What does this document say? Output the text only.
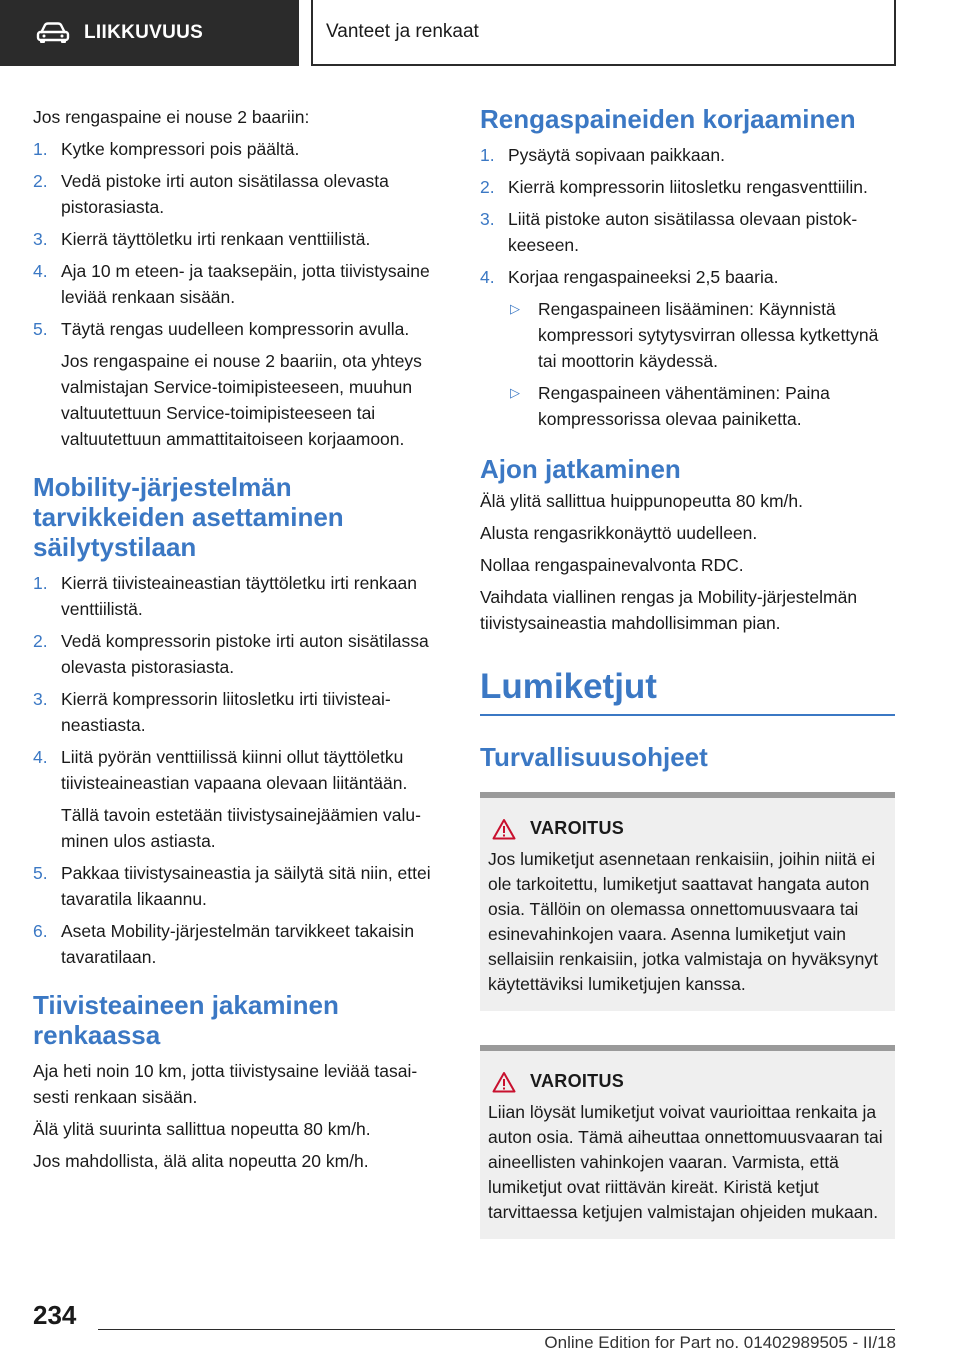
LIIKKUVUUS	Vanteet ja renkaat

Jos rengaspaine ei nouse 2 baariin:

1. Kytke kompressori pois päältä.
2. Vedä pistoke irti auton sisätilassa olevasta pistorasiasta.
3. Kierrä täyttöletku irti renkaan venttiilistä.
4. Aja 10 m eteen- ja taaksepäin, jotta tiivistysaine leviää renkaan sisään.
5. Täytä rengas uudelleen kompressorin avulla.
Jos rengaspaine ei nouse 2 baariin, ota yhteys valmistajan Service-toimipisteeseen, muuhun valtuutettuun Service-toimipisteeseen tai valtuutettuun ammattitaitoiseen korjaamoon.
Mobility-järjestelmän tarvikkeiden asettaminen säilytystilaan
1. Kierrä tiivisteaineastian täyttöletku irti renkaan venttiilistä.
2. Vedä kompressorin pistoke irti auton sisätilassa olevasta pistorasiasta.
3. Kierrä kompressorin liitosletku irti tiivisteaineastiasta.
4. Liitä pyörän venttiilissä kiinni ollut täyttöletku tiivisteaineastian vapaana olevaan liitäntään.
Tällä tavoin estetään tiivistysainejäämien valuminen ulos astiasta.
5. Pakkaa tiivistysaineastia ja säilytä sitä niin, ettei tavaratila likaannu.
6. Aseta Mobility-järjestelmän tarvikkeet takaisin tavaratilaan.
Tiivisteaineen jakaminen renkaassa

Aja heti noin 10 km, jotta tiivistysaine leviää tasaisesti renkaan sisään.

Älä ylitä suurinta sallittua nopeutta 80 km/h.

Jos mahdollista, älä alita nopeutta 20 km/h.

Rengaspaineiden korjaaminen
1. Pysäytä sopivaan paikkaan.
2. Kierrä kompressorin liitosletku rengasventtiilin.
3. Liitä pistoke auton sisätilassa olevaan pistokkeeseen.
4. Korjaa rengaspaineeksi 2,5 baaria.
▷	Rengaspaineen lisääminen: Käynnistä kompressori sytytysvirran ollessa kytkettynä tai moottorin käydessä.
▷	Rengaspaineen vähentäminen: Paina kompressorissa olevaa painiketta.
Ajon jatkaminen

Älä ylitä sallittua huippunopeutta 80 km/h.

Alusta rengasrikkonäyttö uudelleen.

Nollaa rengaspainevalvonta RDC.

Vaihdata viallinen rengas ja Mobility-järjestelmän tiivistysaineastia mahdollisimman pian.

Lumiketjut
Turvallisuusohjeet
VAROITUS
Jos lumiketjut asennetaan renkaisiin, joihin niitä ei ole tarkoitettu, lumiketjut saattavat hangata auton osia. Tällöin on olemassa onnettomuusvaara tai esinevahinkojen vaara. Asenna lumiketjut vain sellaisiin renkaisiin, jotka valmistaja on hyväksynyt käytettäviksi lumiketjujen kanssa.
VAROITUS
Liian löysät lumiketjut voivat vaurioittaa renkaita ja auton osia. Tämä aiheuttaa onnettomuusvaaran tai aineellisten vahinkojen vaaran. Varmista, että lumiketjut ovat riittävän kireät. Kiristä ketjut tarvittaessa ketjujen valmistajan ohjeiden mukaan.
234
Online Edition for Part no. 01402989505 - II/18
